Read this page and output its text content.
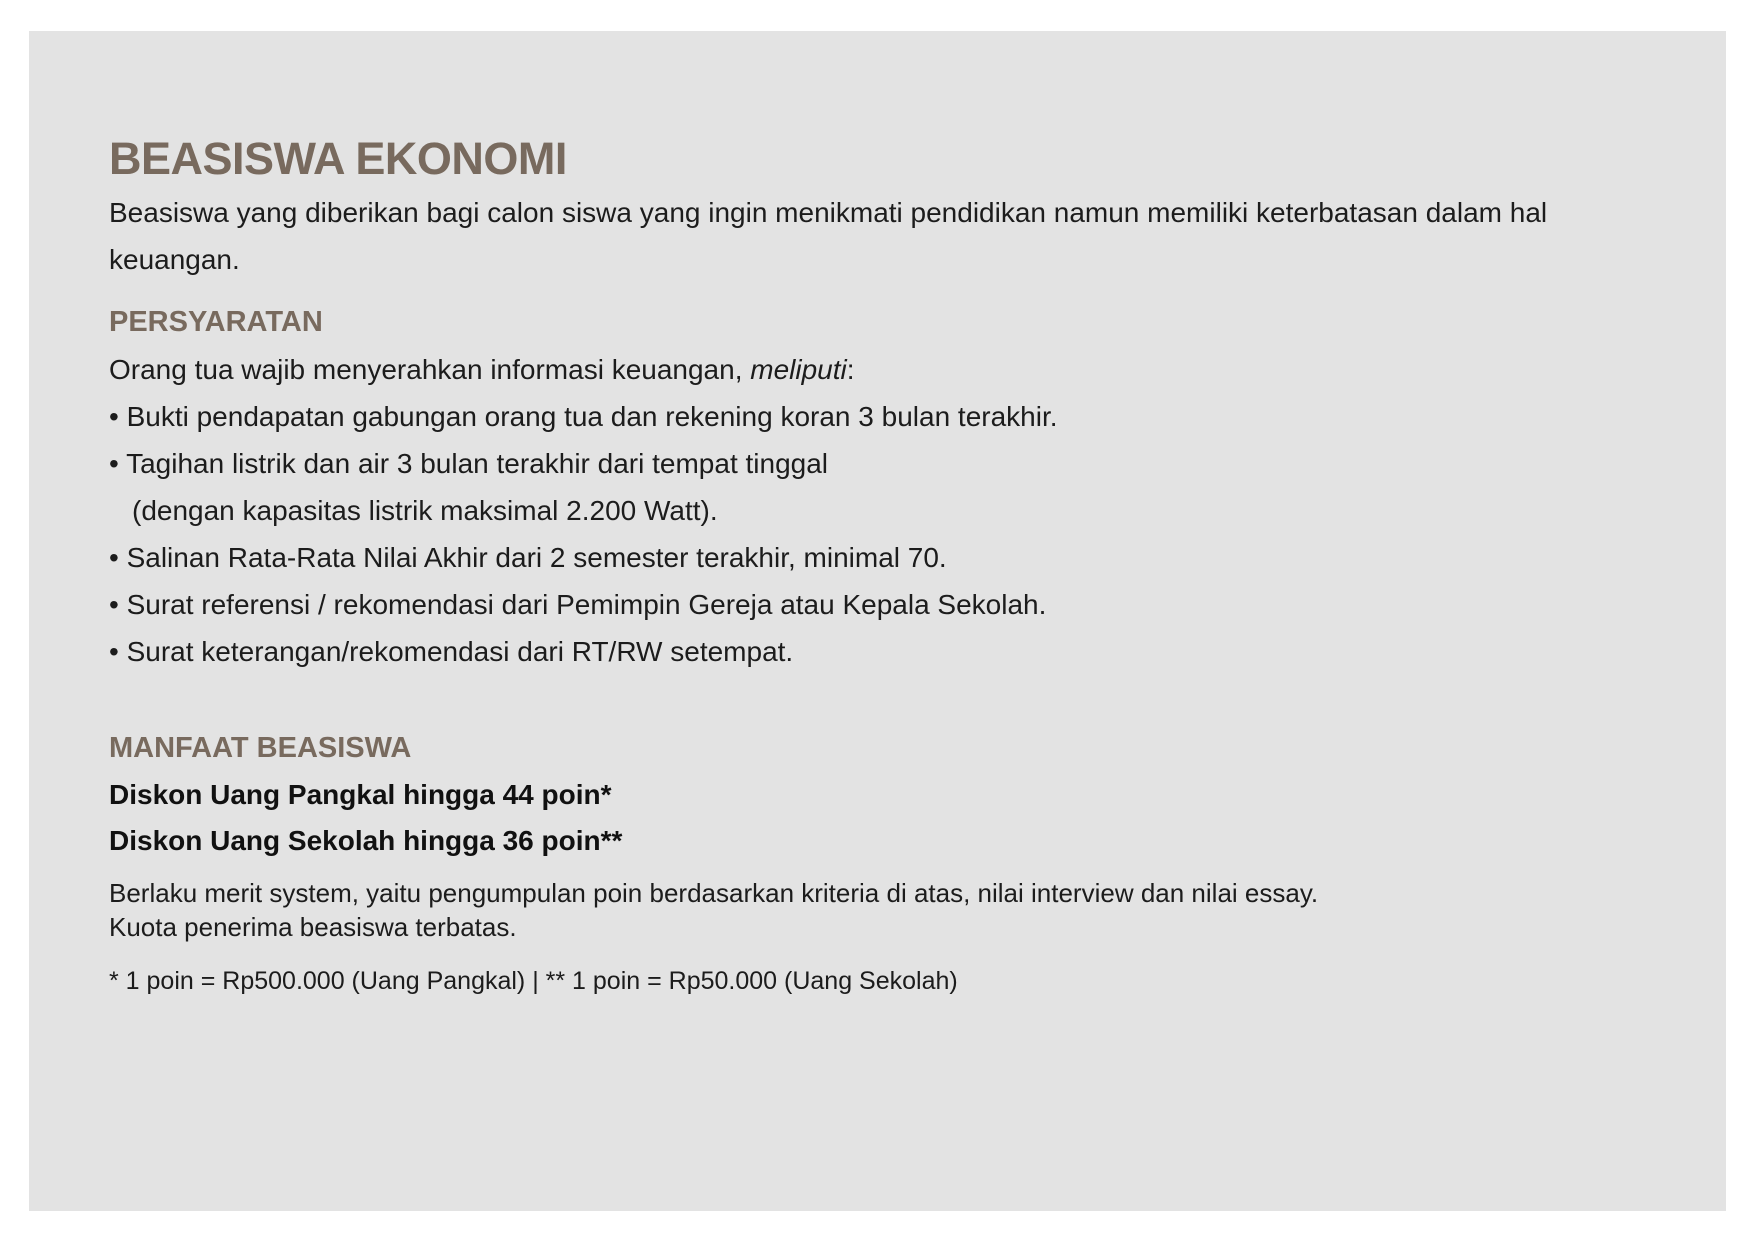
BEASISWA EKONOMI

Beasiswa yang diberikan bagi calon siswa yang ingin menikmati pendidikan namun memiliki keterbatasan dalam hal keuangan.

PERSYARATAN
Orang tua wajib menyerahkan informasi keuangan, meliputi:
• Bukti pendapatan gabungan orang tua dan rekening koran 3 bulan terakhir.
• Tagihan listrik dan air 3 bulan terakhir dari tempat tinggal
(dengan kapasitas listrik maksimal 2.200 Watt).
• Salinan Rata-Rata Nilai Akhir dari 2 semester terakhir, minimal 70.
• Surat referensi / rekomendasi dari Pemimpin Gereja atau Kepala Sekolah.
• Surat keterangan/rekomendasi dari RT/RW setempat.
MANFAAT BEASISWA
Diskon Uang Pangkal hingga 44 poin*
Diskon Uang Sekolah hingga 36 poin**
Berlaku merit system, yaitu pengumpulan poin berdasarkan kriteria di atas, nilai interview dan nilai essay.
Kuota penerima beasiswa terbatas.
* 1 poin = Rp500.000 (Uang Pangkal) | ** 1 poin = Rp50.000 (Uang Sekolah)
